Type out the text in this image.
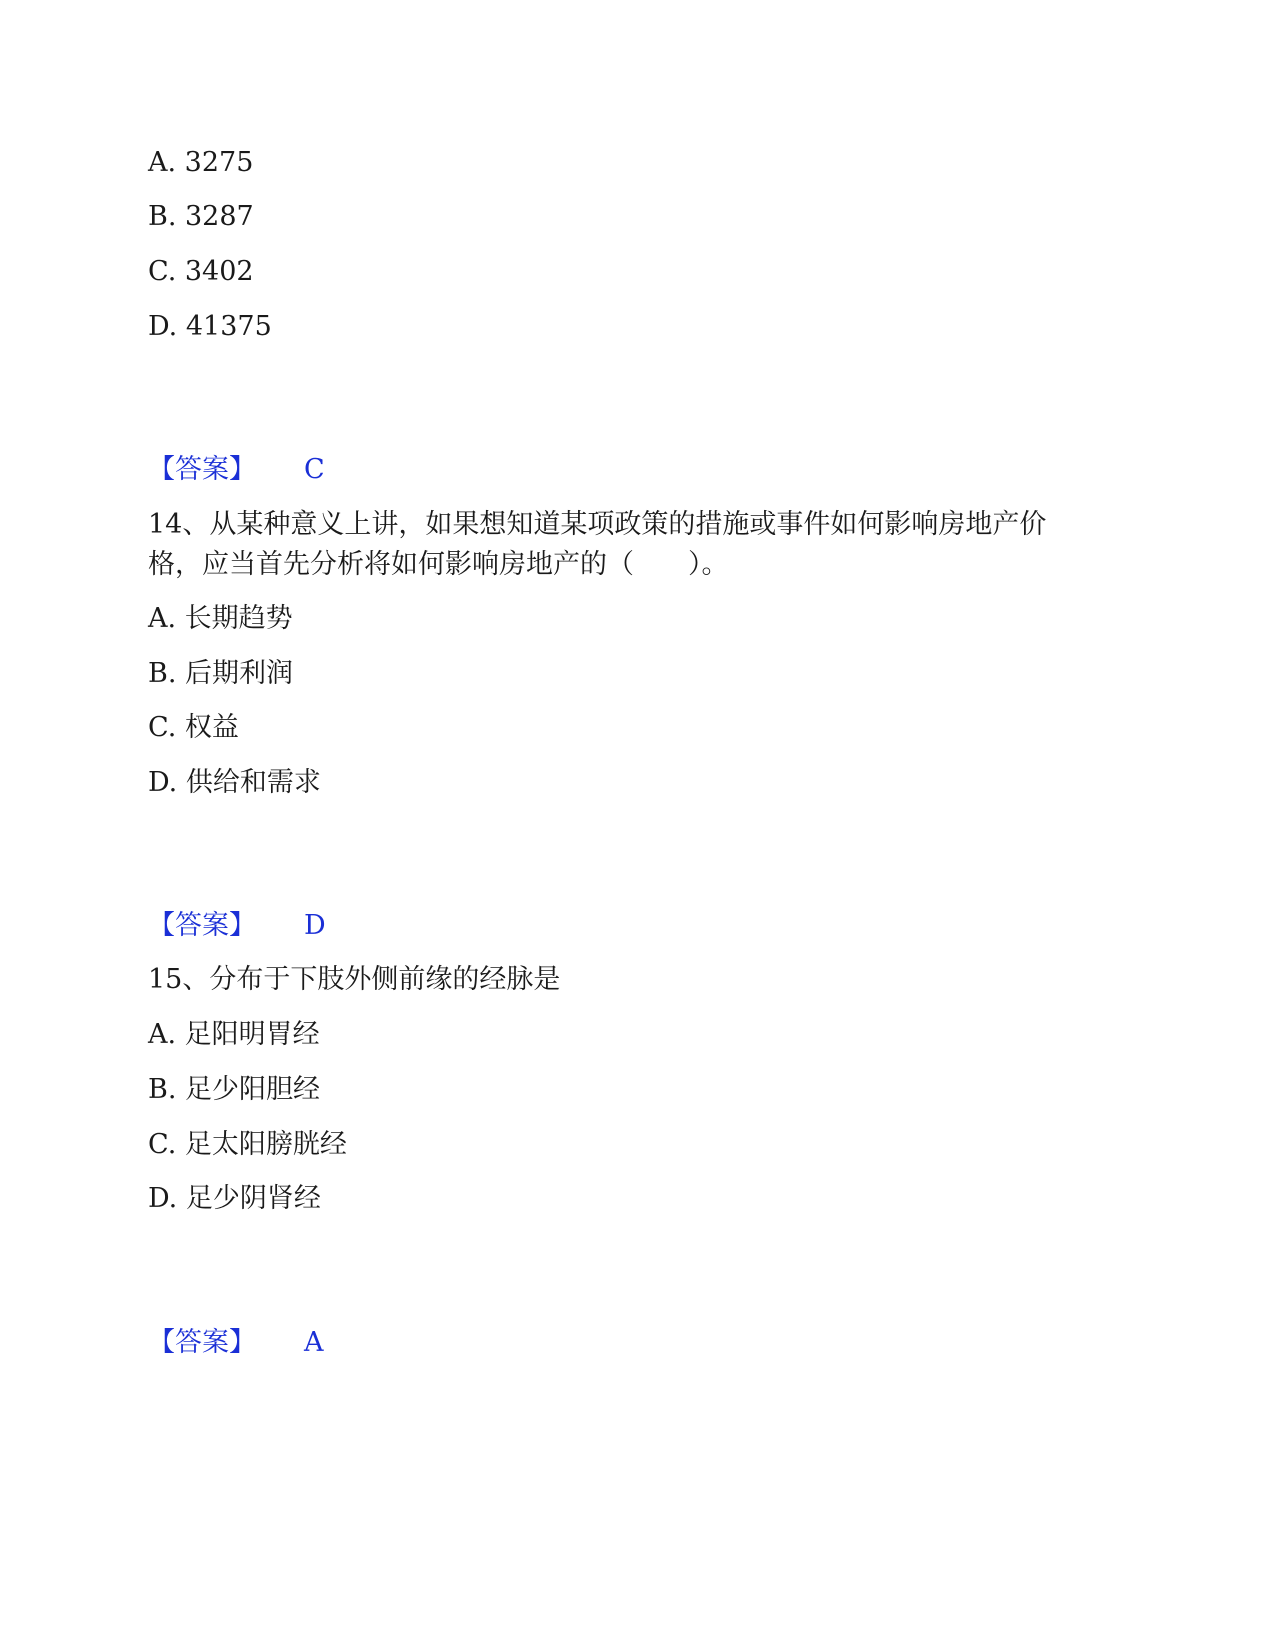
A. 3275
B. 3287
C. 3402
D. 41375
【答案】 C
14、从某种意义上讲，如果想知道某项政策的措施或事件如何影响房地产价
格，应当首先分析将如何影响房地产的（　　）。
A. 长期趋势
B. 后期利润
C. 权益
D. 供给和需求
【答案】 D
15、分布于下肢外侧前缘的经脉是
A. 足阳明胃经
B. 足少阳胆经
C. 足太阳膀胱经
D. 足少阴肾经
【答案】 A
